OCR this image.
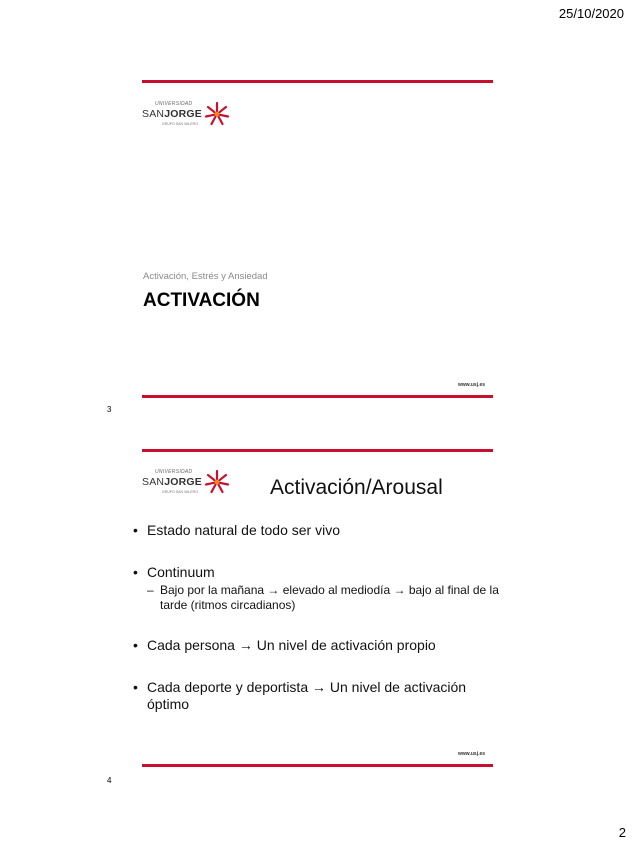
25/10/2020
UNIVERSIDAD
SANJORGE
GRUPO SAN VALERO
Activación, Estrés y Ansiedad
ACTIVACIÓN
www.usj.es
3
UNIVERSIDAD
SANJORGE
GRUPO SAN VALERO	Activación/Arousal
• Estado natural de todo ser vivo
• Continuum
– Bajo por la mañana → elevado al mediodía → bajo al final de la tarde (ritmos circadianos)
• Cada persona → Un nivel de activación propio
• Cada deporte y deportista → Un nivel de activación óptimo
www.usj.es
4
2
